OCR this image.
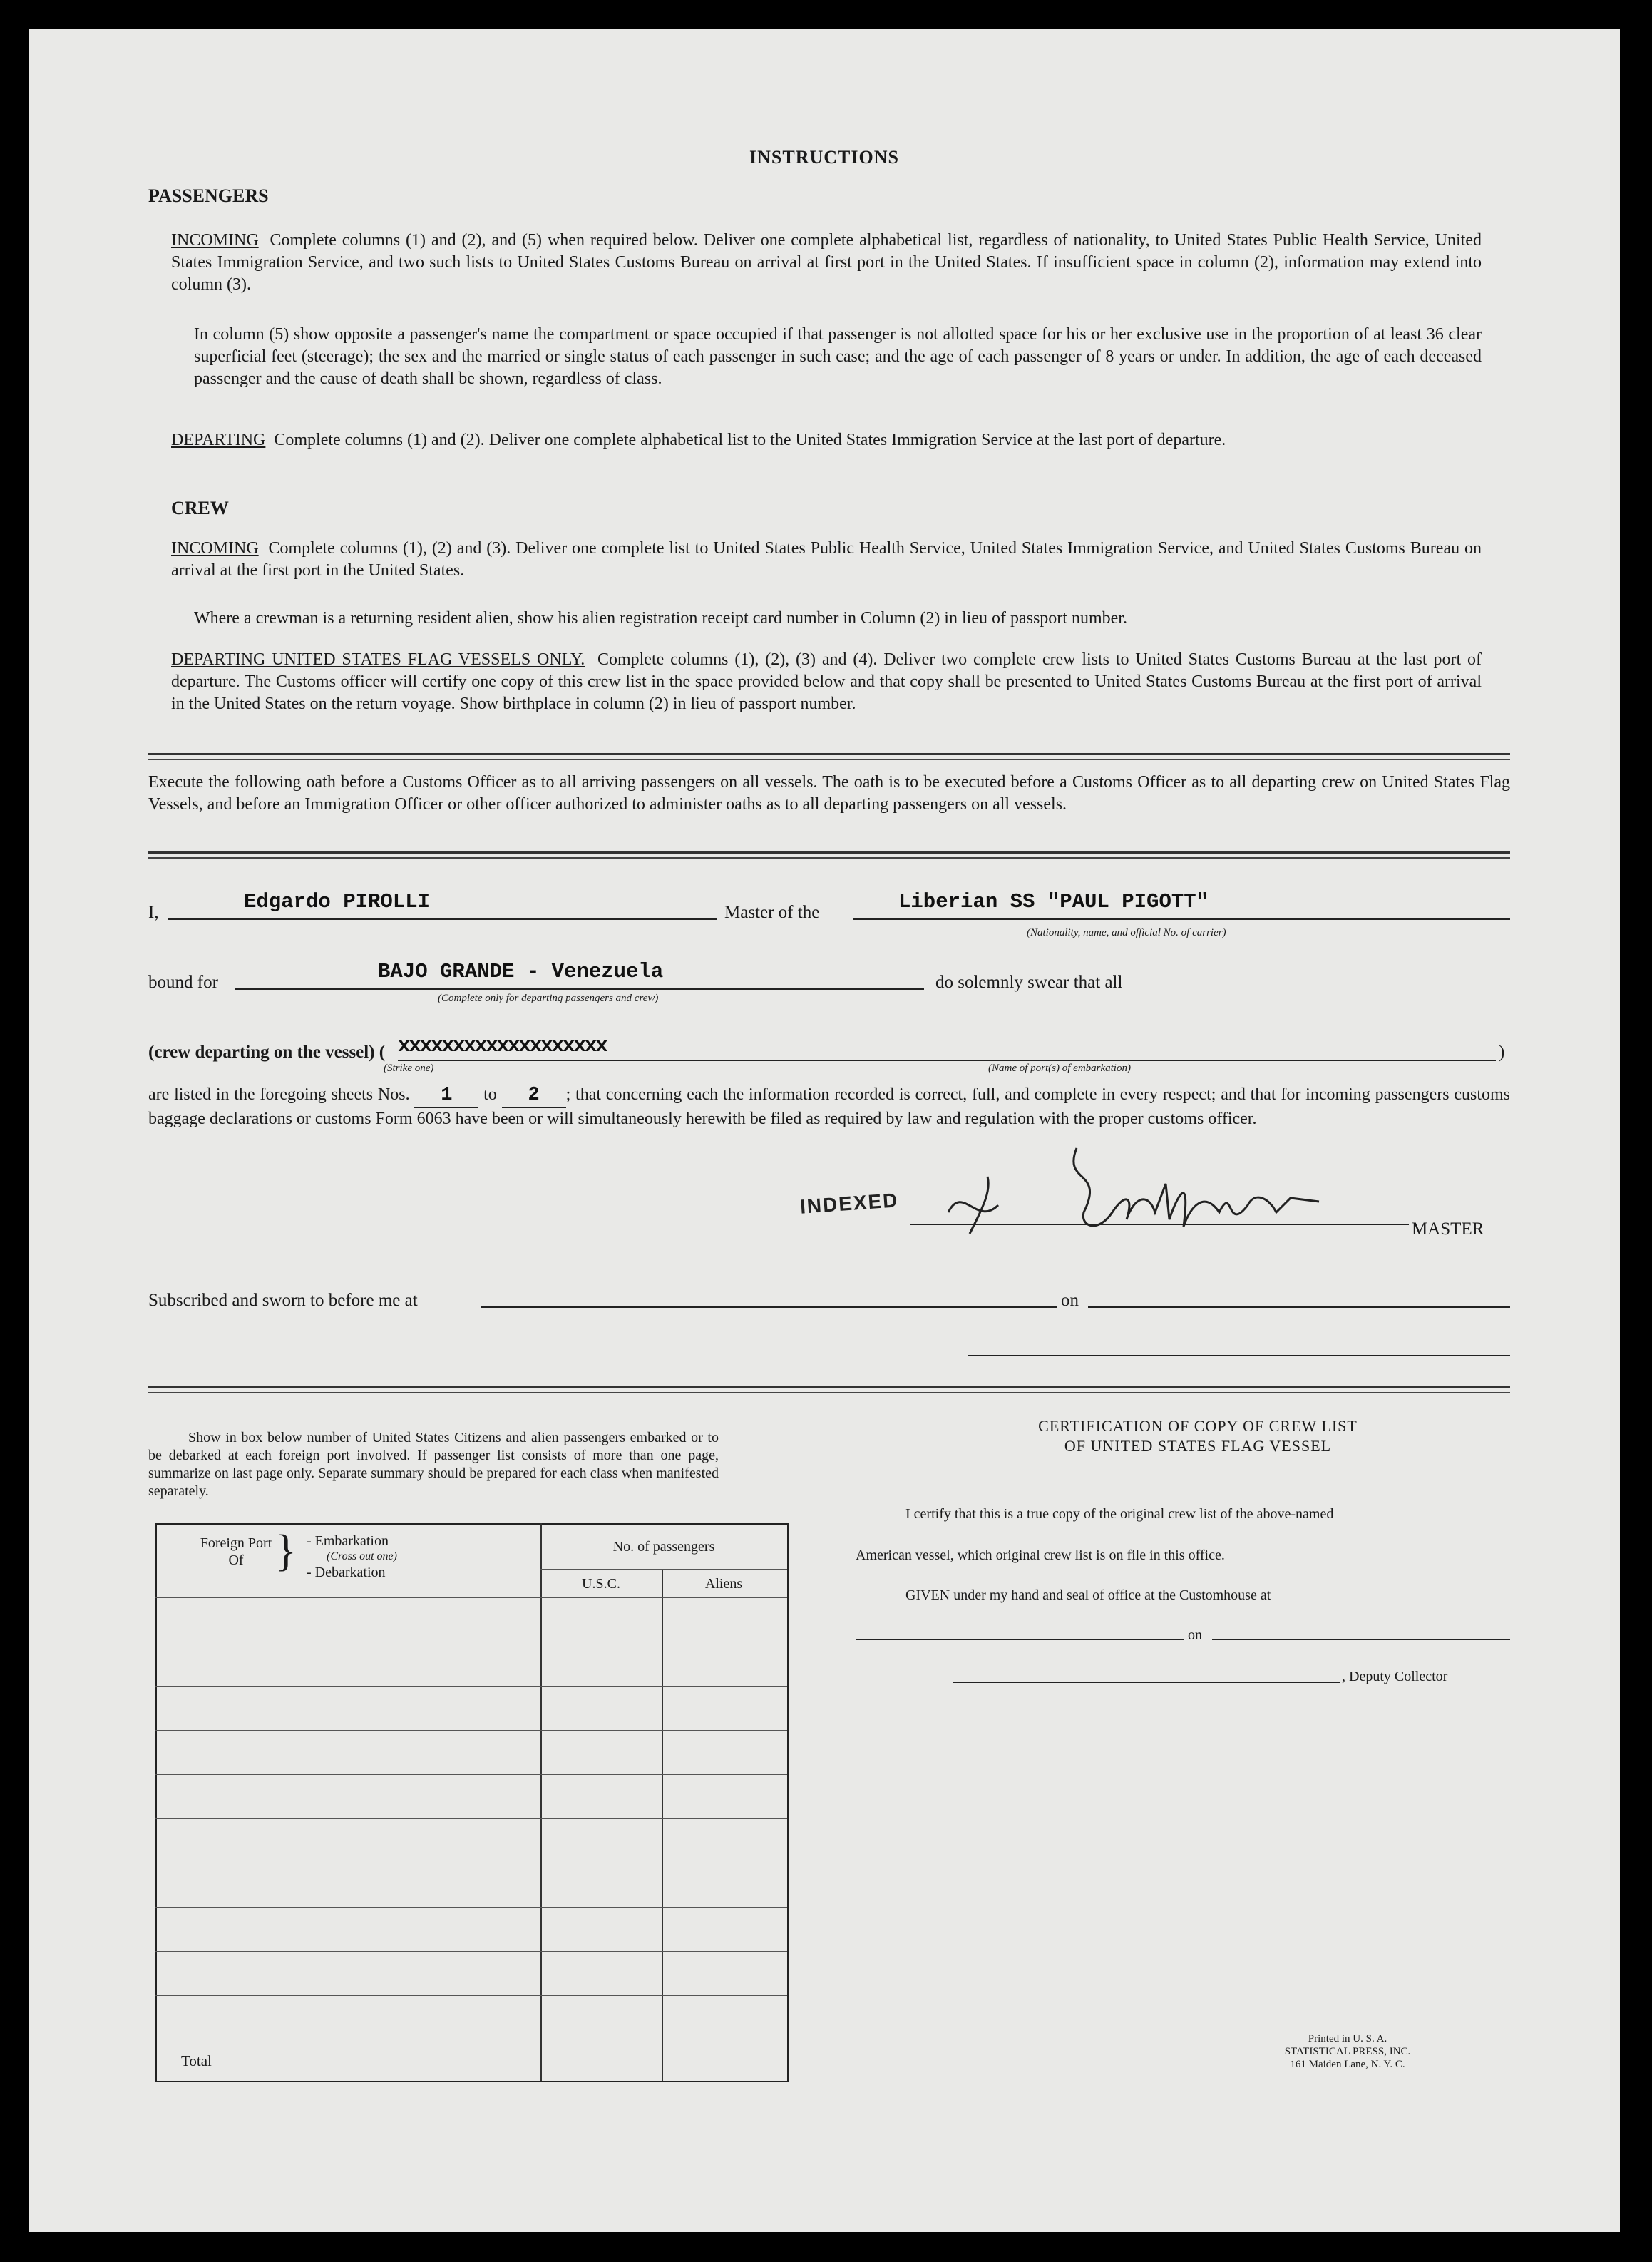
INSTRUCTIONS
PASSENGERS
INCOMING Complete columns (1) and (2), and (5) when required below. Deliver one complete alphabetical list, regardless of nationality, to United States Public Health Service, United States Immigration Service, and two such lists to United States Customs Bureau on arrival at first port in the United States. If insufficient space in column (2), information may extend into column (3).
In column (5) show opposite a passenger's name the compartment or space occupied if that passenger is not allotted space for his or her exclusive use in the proportion of at least 36 clear superficial feet (steerage); the sex and the married or single status of each passenger in such case; and the age of each passenger of 8 years or under. In addition, the age of each deceased passenger and the cause of death shall be shown, regardless of class.
DEPARTING Complete columns (1) and (2). Deliver one complete alphabetical list to the United States Immigration Service at the last port of departure.
CREW
INCOMING Complete columns (1), (2) and (3). Deliver one complete list to United States Public Health Service, United States Immigration Service, and United States Customs Bureau on arrival at the first port in the United States.
Where a crewman is a returning resident alien, show his alien registration receipt card number in Column (2) in lieu of passport number.
DEPARTING UNITED STATES FLAG VESSELS ONLY. Complete columns (1), (2), (3) and (4). Deliver two complete crew lists to United States Customs Bureau at the last port of departure. The Customs officer will certify one copy of this crew list in the space provided below and that copy shall be presented to United States Customs Bureau at the first port of arrival in the United States on the return voyage. Show birthplace in column (2) in lieu of passport number.
Execute the following oath before a Customs Officer as to all arriving passengers on all vessels. The oath is to be executed before a Customs Officer as to all departing crew on United States Flag Vessels, and before an Immigration Officer or other officer authorized to administer oaths as to all departing passengers on all vessels.
I,	Edgardo PIROLLI	Master of the	Liberian SS "PAUL PIGOTT"
(Nationality, name, and official No. of carrier)
bound for	BAJO GRANDE - Venezuela
(Complete only for departing passengers and crew)
do solemnly swear that all
(crew departing on the vessel) ( xxxxxxxxxxxxxxxxxxx	)
(Strike one)	(Name of port(s) of embarkation)
are listed in the foregoing sheets Nos. 1 to 2 ; that concerning each the information recorded is correct, full, and complete in every respect; and that for incoming passengers customs baggage declarations or customs Form 6063 have been or will simultaneously herewith be filed as required by law and regulation with the proper customs officer.
INDEXED
MASTER
Subscribed and sworn to before me at	on
Show in box below number of United States Citizens and alien passengers embarked or to be debarked at each foreign port involved. If passenger list consists of more than one page, summarize on last page only. Separate summary should be prepared for each class when manifested separately.
Foreign Port Of } - Embarkation
(Cross out one)
- Debarkation
No. of passengers
U.S.C.	Aliens
Total
CERTIFICATION OF COPY OF CREW LIST
OF UNITED STATES FLAG VESSEL
I certify that this is a true copy of the original crew list of the above-named
American vessel, which original crew list is on file in this office.
GIVEN under my hand and seal of office at the Customhouse at
on
, Deputy Collector
Printed in U. S. A.
STATISTICAL PRESS, INC.
161 Maiden Lane, N. Y. C.
